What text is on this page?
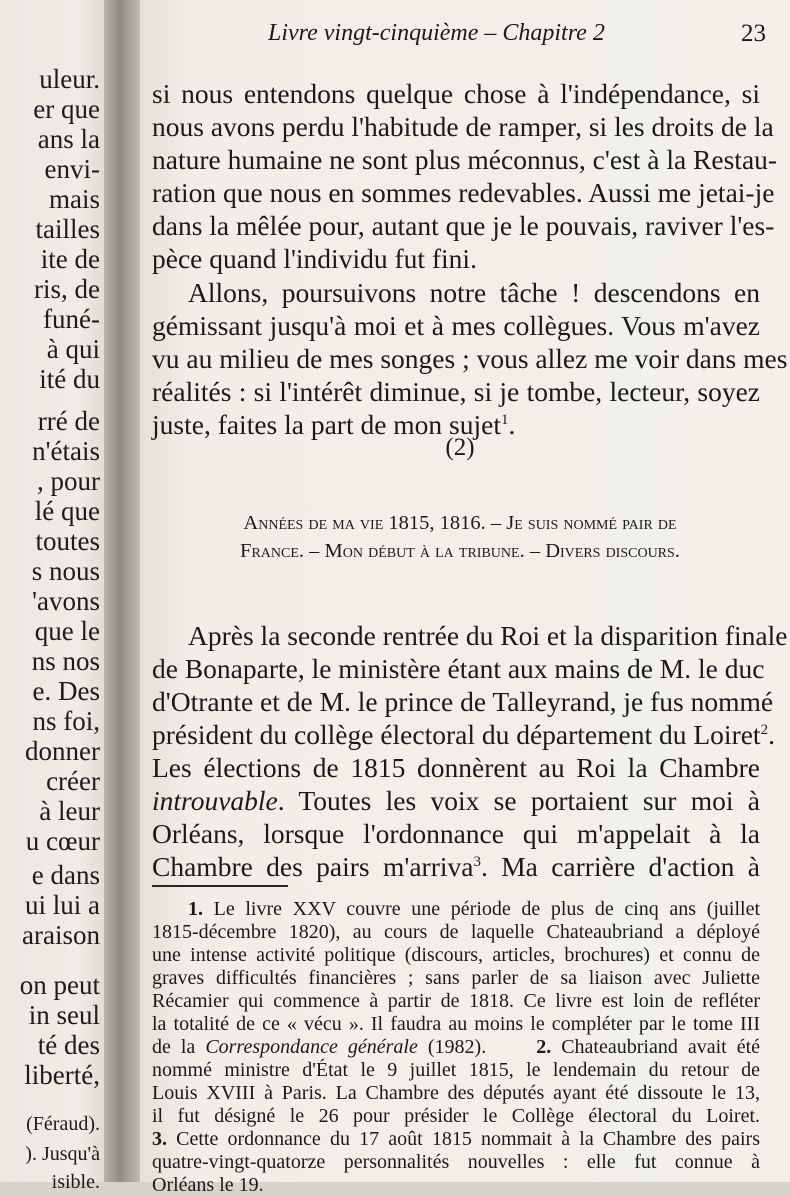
uleur.
er que
ans la
envi-
mais
tailles
ite de
ris, de
funé-
à qui
ité du
rré de
n'étais
, pour
lé que
toutes
s nous
'avons
que le
ns nos
e. Des
ns foi,
donner
créer
à leur
u cœur
e dans
ui lui a
araison
on peut
in seul
té des
liberté,
(Féraud).
). Jusqu'à
isible.
Livre vingt-cinquième – Chapitre 2	23
si nous entendons quelque chose à l'indépendance, si
nous avons perdu l'habitude de ramper, si les droits de la
nature humaine ne sont plus méconnus, c'est à la Restau-
ration que nous en sommes redevables. Aussi me jetai-je
dans la mêlée pour, autant que je le pouvais, raviver l'es-
pèce quand l'individu fut fini.
Allons, poursuivons notre tâche ! descendons en
gémissant jusqu'à moi et à mes collègues. Vous m'avez
vu au milieu de mes songes ; vous allez me voir dans mes
réalités : si l'intérêt diminue, si je tombe, lecteur, soyez
juste, faites la part de mon sujet$^1$.
(2)
Années de ma vie 1815, 1816. – Je suis nommé pair de
France. – Mon début à la tribune. – Divers discours.
Après la seconde rentrée du Roi et la disparition finale
de Bonaparte, le ministère étant aux mains de M. le duc
d'Otrante et de M. le prince de Talleyrand, je fus nommé
président du collège électoral du département du Loiret$^2$.
Les élections de 1815 donnèrent au Roi la Chambre
introuvable. Toutes les voix se portaient sur moi à
Orléans, lorsque l'ordonnance qui m'appelait à la
Chambre des pairs m'arriva$^3$. Ma carrière d'action à
1. Le livre XXV couvre une période de plus de cinq ans (juillet
1815-décembre 1820), au cours de laquelle Chateaubriand a déployé
une intense activité politique (discours, articles, brochures) et connu de
graves difficultés financières ; sans parler de sa liaison avec Juliette
Récamier qui commence à partir de 1818. Ce livre est loin de refléter
la totalité de ce « vécu ». Il faudra au moins le compléter par le tome III
de la Correspondance générale (1982).	2. Chateaubriand avait été
nommé ministre d'État le 9 juillet 1815, le lendemain du retour de
Louis XVIII à Paris. La Chambre des députés ayant été dissoute le 13,
il fut désigné le 26 pour présider le Collège électoral du Loiret.
3. Cette ordonnance du 17 août 1815 nommait à la Chambre des pairs
quatre-vingt-quatorze personnalités nouvelles : elle fut connue à
Orléans le 19.
